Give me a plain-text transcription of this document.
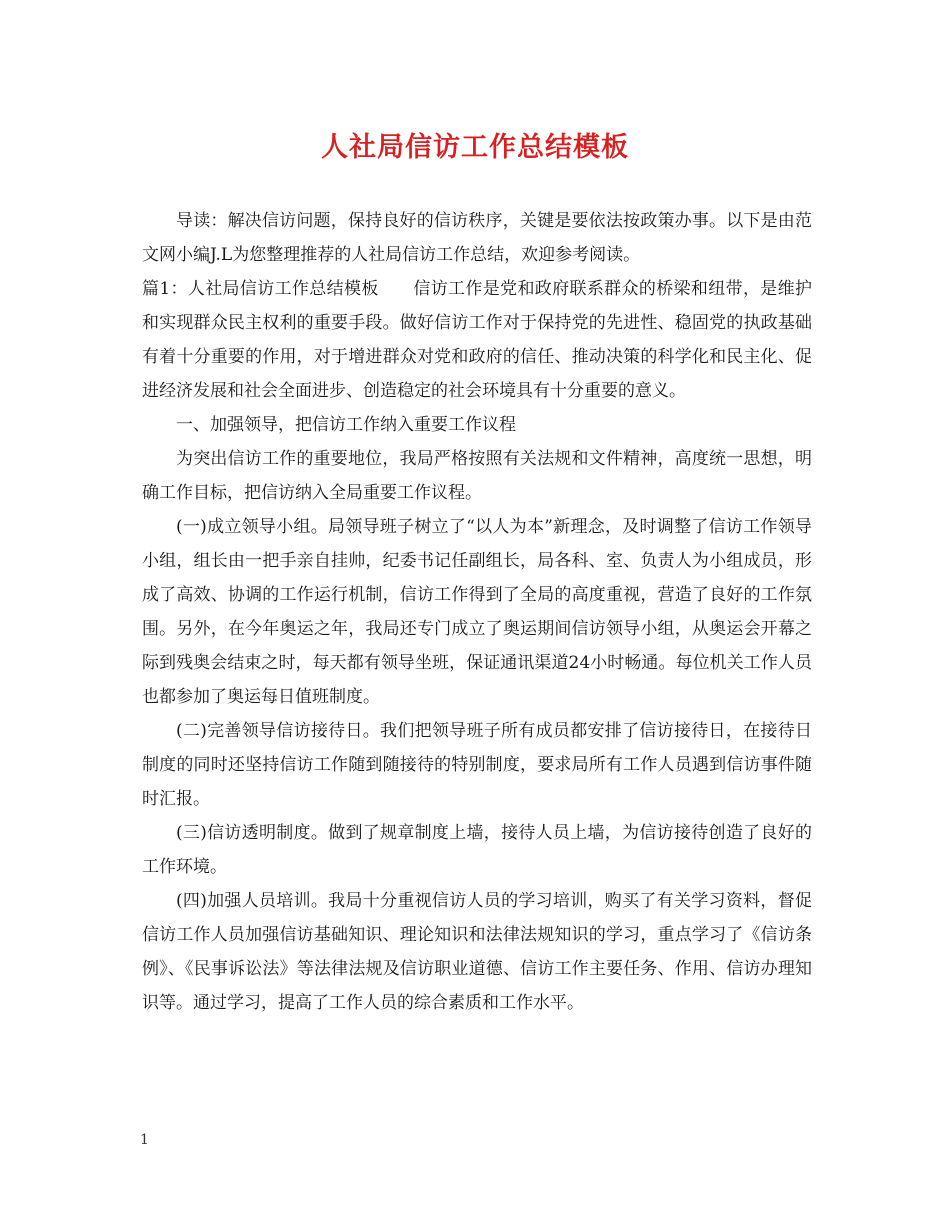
人社局信访工作总结模板

导读：解决信访问题，保持良好的信访秩序，关键是要依法按政策办事。以下是由范文网小编J.L为您整理推荐的人社局信访工作总结，欢迎参考阅读。

篇1：人社局信访工作总结模板　　信访工作是党和政府联系群众的桥梁和纽带，是维护和实现群众民主权利的重要手段。做好信访工作对于保持党的先进性、稳固党的执政基础有着十分重要的作用，对于增进群众对党和政府的信任、推动决策的科学化和民主化、促进经济发展和社会全面进步、创造稳定的社会环境具有十分重要的意义。

一、加强领导，把信访工作纳入重要工作议程

为突出信访工作的重要地位，我局严格按照有关法规和文件精神，高度统一思想，明确工作目标，把信访纳入全局重要工作议程。

(一)成立领导小组。局领导班子树立了“以人为本”新理念，及时调整了信访工作领导小组，组长由一把手亲自挂帅，纪委书记任副组长，局各科、室、负责人为小组成员，形成了高效、协调的工作运行机制，信访工作得到了全局的高度重视，营造了良好的工作氛围。另外，在今年奥运之年，我局还专门成立了奥运期间信访领导小组，从奥运会开幕之际到残奥会结束之时，每天都有领导坐班，保证通讯渠道24小时畅通。每位机关工作人员也都参加了奥运每日值班制度。

(二)完善领导信访接待日。我们把领导班子所有成员都安排了信访接待日，在接待日制度的同时还坚持信访工作随到随接待的特别制度，要求局所有工作人员遇到信访事件随时汇报。

(三)信访透明制度。做到了规章制度上墙，接待人员上墙，为信访接待创造了良好的工作环境。

(四)加强人员培训。我局十分重视信访人员的学习培训，购买了有关学习资料，督促信访工作人员加强信访基础知识、理论知识和法律法规知识的学习，重点学习了《信访条例》、《民事诉讼法》等法律法规及信访职业道德、信访工作主要任务、作用、信访办理知识等。通过学习，提高了工作人员的综合素质和工作水平。

1
